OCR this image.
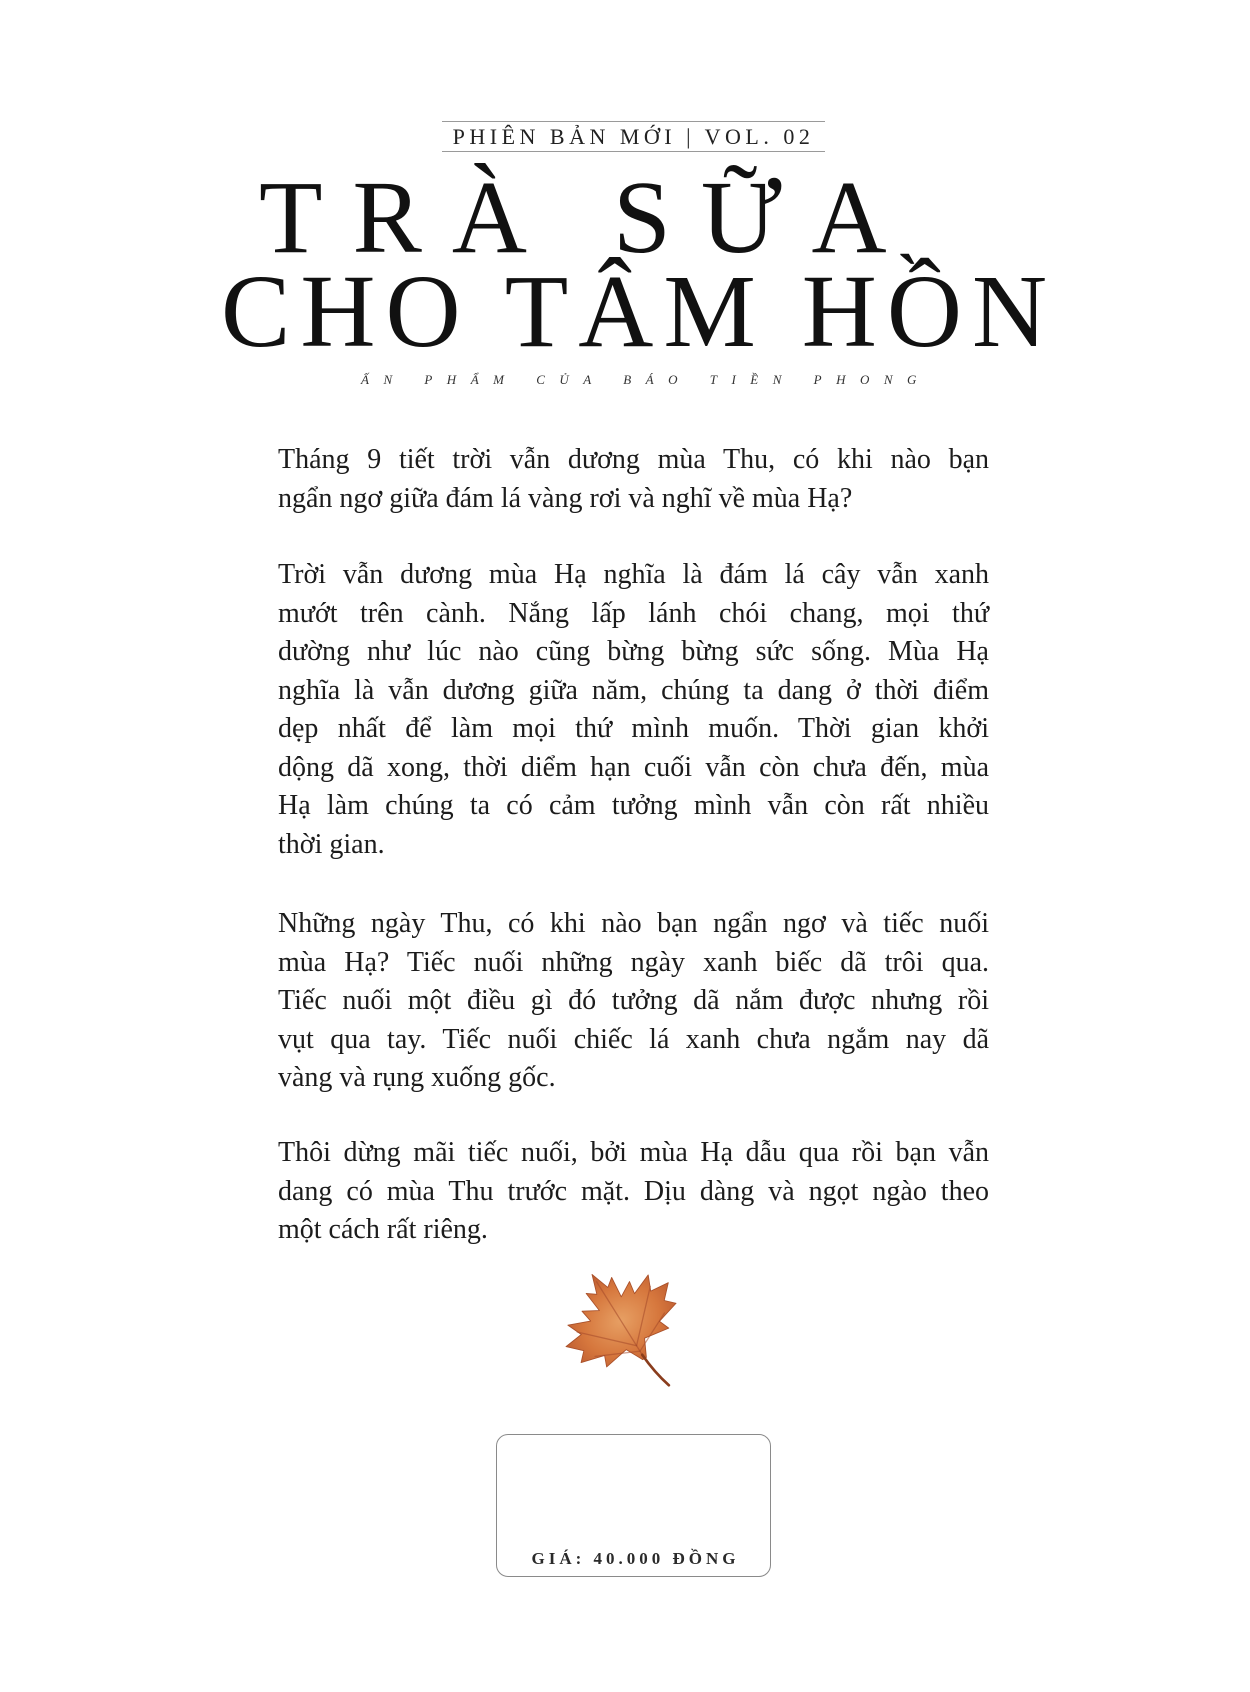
PHIÊN BẢN MỚI | VOL. 02
TRÀ SỮA
CHO TÂM HỒN
ẤN PHẨM CỦA BÁO TIỀN PHONG
Tháng 9 tiết trời vẫn dương mùa Thu, có khi nào bạn
ngẩn ngơ giữa đám lá vàng rơi và nghĩ về mùa Hạ?
Trời vẫn dương mùa Hạ nghĩa là đám lá cây vẫn xanh
mướt trên cành. Nắng lấp lánh chói chang, mọi thứ
dường như lúc nào cũng bừng bừng sức sống. Mùa Hạ
nghĩa là vẫn dương giữa năm, chúng ta dang ở thời điểm
dẹp nhất để làm mọi thứ mình muốn. Thời gian khởi
dộng dã xong, thời diểm hạn cuối vẫn còn chưa đến, mùa
Hạ làm chúng ta có cảm tưởng mình vẫn còn rất nhiều
thời gian.
Những ngày Thu, có khi nào bạn ngẩn ngơ và tiếc nuối
mùa Hạ? Tiếc nuối những ngày xanh biếc dã trôi qua.
Tiếc nuối một điều gì đó tưởng dã nắm được nhưng rồi
vụt qua tay. Tiếc nuối chiếc lá xanh chưa ngắm nay dã
vàng và rụng xuống gốc.
Thôi dừng mãi tiếc nuối, bởi mùa Hạ dẫu qua rồi bạn vẫn
dang có mùa Thu trước mặt. Dịu dàng và ngọt ngào theo
một cách rất riêng.
GIÁ: 40.000 ĐỒNG
